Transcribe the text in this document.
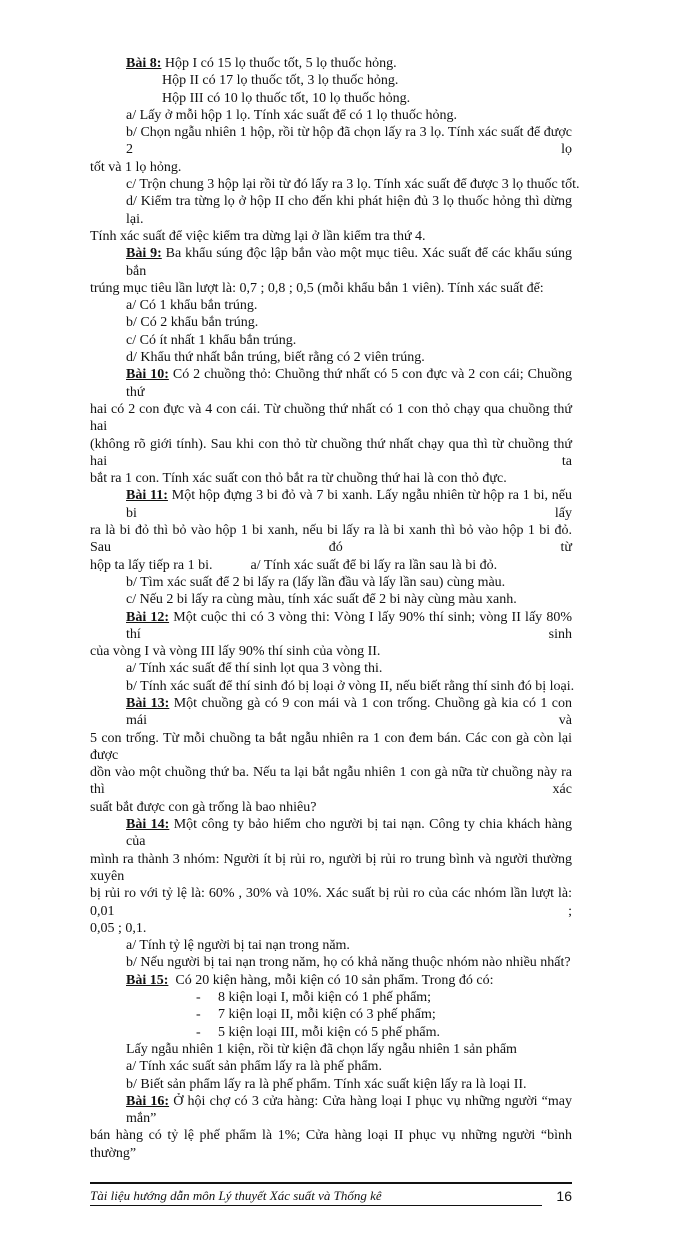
Bài 8: Hộp I có 15 lọ thuốc tốt, 5 lọ thuốc hỏng.
Hộp II có 17 lọ thuốc tốt, 3 lọ thuốc hỏng.
Hộp III có 10 lọ thuốc tốt, 10 lọ thuốc hỏng.
a/ Lấy ở mỗi hộp 1 lọ. Tính xác suất để có 1 lọ thuốc hỏng.
b/ Chọn ngẫu nhiên 1 hộp, rồi từ hộp đã chọn lấy ra 3 lọ. Tính xác suất để được 2 lọ
tốt và 1 lọ hỏng.
c/ Trộn chung 3 hộp lại rồi từ đó lấy ra 3 lọ. Tính xác suất để được 3 lọ thuốc tốt.
d/ Kiểm tra từng lọ ở hộp II cho đến khi phát hiện đủ 3 lọ thuốc hỏng thì dừng lại.
Tính xác suất để việc kiểm tra dừng lại ở lần kiểm tra thứ 4.
Bài 9: Ba khẩu súng độc lập bắn vào một mục tiêu. Xác suất để các khẩu súng bắn
trúng mục tiêu lần lượt là: 0,7 ; 0,8 ; 0,5 (mỗi khẩu bắn 1 viên). Tính xác suất để:
a/ Có 1 khẩu bắn trúng.
b/ Có 2 khẩu bắn trúng.
c/ Có ít nhất 1 khẩu bắn trúng.
d/ Khẩu thứ nhất bắn trúng, biết rằng có 2 viên trúng.
Bài 10: Có 2 chuồng thỏ: Chuồng thứ nhất có 5 con đực và 2 con cái; Chuồng thứ
hai có 2 con đực và 4 con cái. Từ chuồng thứ nhất có 1 con thỏ chạy qua chuồng thứ hai
(không rõ giới tính). Sau khi con thỏ từ chuồng thứ nhất chạy qua thì từ chuồng thứ hai ta
bắt ra 1 con. Tính xác suất con thỏ bắt ra từ chuồng thứ hai là con thỏ đực.
Bài 11: Một hộp đựng 3 bi đỏ và 7 bi xanh. Lấy ngẫu nhiên từ hộp ra 1 bi, nếu bi lấy
ra là bi đỏ thì bỏ vào hộp 1 bi xanh, nếu bi lấy ra là bi xanh thì bỏ vào hộp 1 bi đỏ. Sau đó từ
hộp ta lấy tiếp ra 1 bi.	a/ Tính xác suất để bi lấy ra lần sau là bi đỏ.
b/ Tìm xác suất để 2 bi lấy ra (lấy lần đầu và lấy lần sau) cùng màu.
c/ Nếu 2 bi lấy ra cùng màu, tính xác suất để 2 bi này cùng màu xanh.
Bài 12: Một cuộc thi có 3 vòng thi: Vòng I lấy 90% thí sinh; vòng II lấy 80% thí sinh
của vòng I và vòng III lấy 90% thí sinh của vòng II.
a/ Tính xác suất để thí sinh lọt qua 3 vòng thi.
b/ Tính xác suất để thí sinh đó bị loại ở vòng II, nếu biết rằng thí sinh đó bị loại.
Bài 13: Một chuồng gà có 9 con mái và 1 con trống. Chuồng gà kia có 1 con mái và
5 con trống. Từ mỗi chuồng ta bắt ngẫu nhiên ra 1 con đem bán. Các con gà còn lại được
dồn vào một chuồng thứ ba. Nếu ta lại bắt ngẫu nhiên 1 con gà nữa từ chuồng này ra thì xác
suất bắt được con gà trống là bao nhiêu?
Bài 14: Một công ty bảo hiểm cho người bị tai nạn. Công ty chia khách hàng của
mình ra thành 3 nhóm: Người ít bị rủi ro, người bị rủi ro trung bình và người thường xuyên
bị rủi ro với tỷ lệ là: 60% , 30% và 10%. Xác suất bị rủi ro của các nhóm lần lượt là: 0,01 ;
0,05 ; 0,1.
a/ Tính tỷ lệ người bị tai nạn trong năm.
b/ Nếu người bị tai nạn trong năm, họ có khả năng thuộc nhóm nào nhiều nhất?
Bài 15:  Có 20 kiện hàng, mỗi kiện có 10 sản phẩm. Trong đó có:
- 8 kiện loại I, mỗi kiện có 1 phế phẩm;
- 7 kiện loại II, mỗi kiện có 3 phế phẩm;
- 5 kiện loại III, mỗi kiện có 5 phế phẩm.
Lấy ngẫu nhiên 1 kiện, rồi từ kiện đã chọn lấy ngẫu nhiên 1 sản phẩm
a/ Tính xác suất sản phẩm lấy ra là phế phẩm.
b/ Biết sản phẩm lấy ra là phế phẩm. Tính xác suất kiện lấy ra là loại II.
Bài 16: Ở hội chợ có 3 cửa hàng: Cửa hàng loại I phục vụ những người “may mắn”
bán hàng có tỷ lệ phế phẩm là 1%; Cửa hàng loại II phục vụ những người “bình thường”
Tài liệu hướng dẫn môn Lý thuyết Xác suất và Thống kê	16
